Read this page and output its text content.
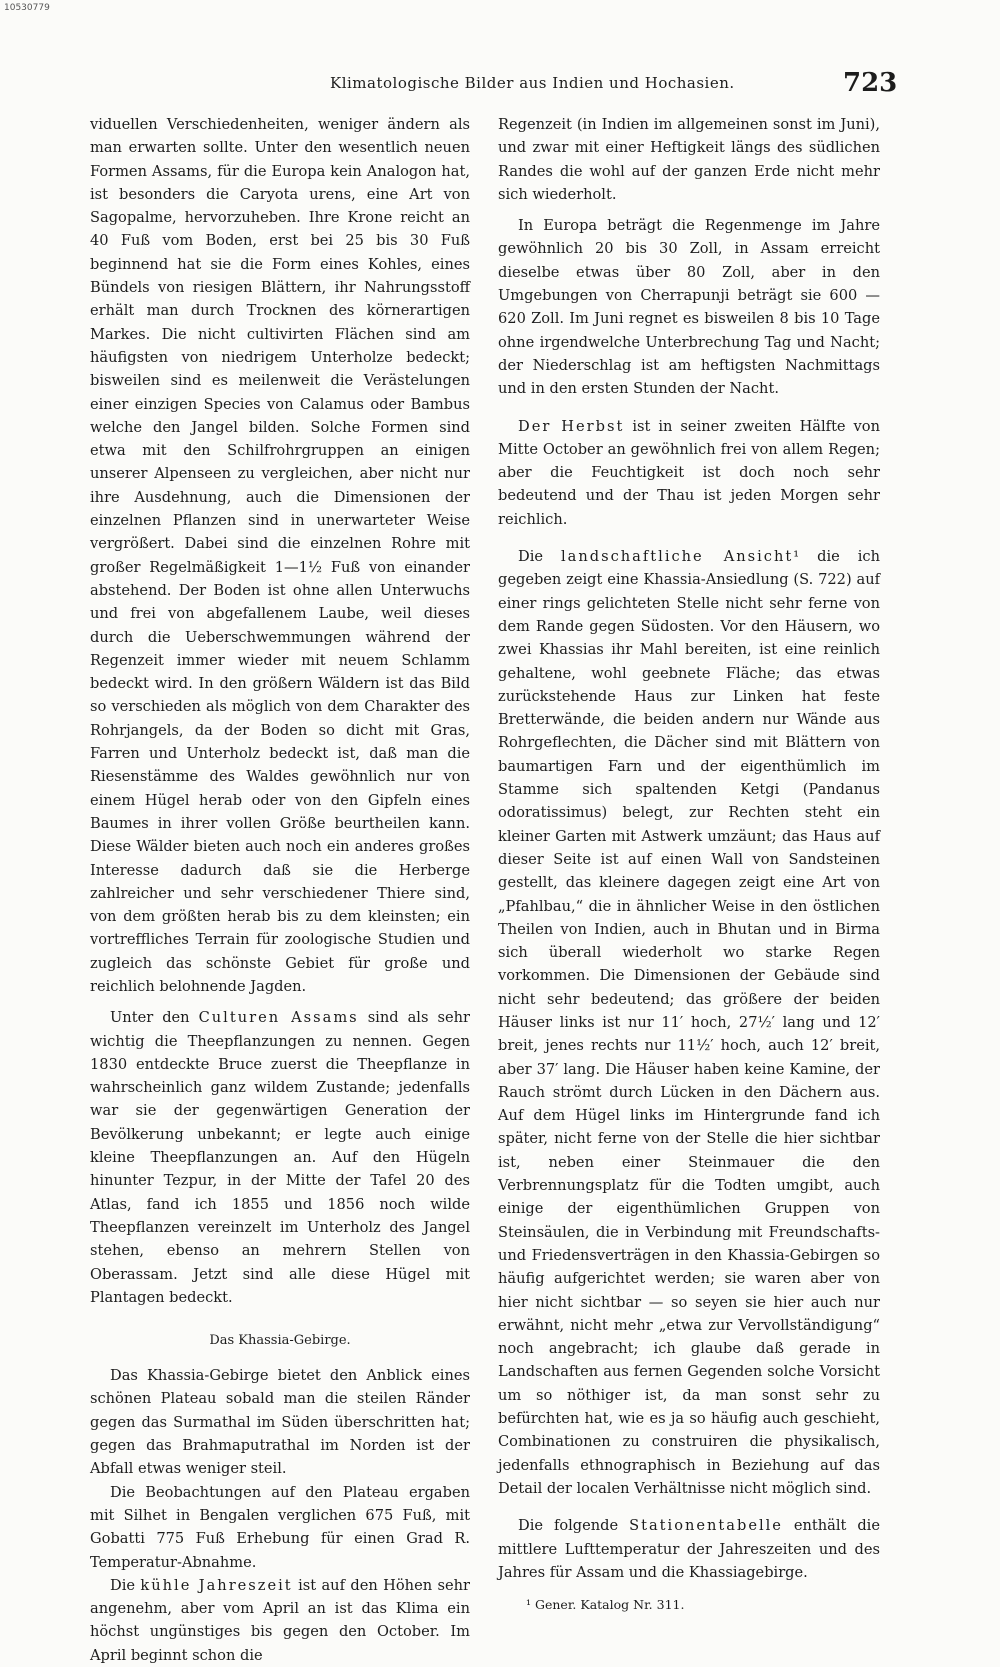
10530779
Klimatologische Bilder aus Indien und Hochasien.	723

viduellen Verschiedenheiten, weniger ändern als man erwarten sollte. Unter den wesentlich neuen Formen Assams, für die Europa kein Analogon hat, ist besonders die Caryota urens, eine Art von Sagopalme, hervorzuheben. Ihre Krone reicht an 40 Fuß vom Boden, erst bei 25 bis 30 Fuß beginnend hat sie die Form eines Kohles, eines Bündels von riesigen Blättern, ihr Nahrungsstoff erhält man durch Trocknen des körnerartigen Markes. Die nicht cultivirten Flächen sind am häufigsten von niedrigem Unterholze bedeckt; bisweilen sind es meilenweit die Verästelungen einer einzigen Species von Calamus oder Bambus welche den Jangel bilden. Solche Formen sind etwa mit den Schilfrohrgruppen an einigen unserer Alpenseen zu vergleichen, aber nicht nur ihre Ausdehnung, auch die Dimensionen der einzelnen Pflanzen sind in unerwarteter Weise vergrößert. Dabei sind die einzelnen Rohre mit großer Regelmäßigkeit 1—1½ Fuß von einander abstehend. Der Boden ist ohne allen Unterwuchs und frei von abgefallenem Laube, weil dieses durch die Ueberschwemmungen während der Regenzeit immer wieder mit neuem Schlamm bedeckt wird. In den größern Wäldern ist das Bild so verschieden als möglich von dem Charakter des Rohrjangels, da der Boden so dicht mit Gras, Farren und Unterholz bedeckt ist, daß man die Riesenstämme des Waldes gewöhnlich nur von einem Hügel herab oder von den Gipfeln eines Baumes in ihrer vollen Größe beurtheilen kann. Diese Wälder bieten auch noch ein anderes großes Interesse dadurch daß sie die Herberge zahlreicher und sehr verschiedener Thiere sind, von dem größten herab bis zu dem kleinsten; ein vortreffliches Terrain für zoologische Studien und zugleich das schönste Gebiet für große und reichlich belohnende Jagden.

Unter den Culturen Assams sind als sehr wichtig die Theepflanzungen zu nennen. Gegen 1830 entdeckte Bruce zuerst die Theepflanze in wahrscheinlich ganz wildem Zustande; jedenfalls war sie der gegenwärtigen Generation der Bevölkerung unbekannt; er legte auch einige kleine Theepflanzungen an. Auf den Hügeln hinunter Tezpur, in der Mitte der Tafel 20 des Atlas, fand ich 1855 und 1856 noch wilde Theepflanzen vereinzelt im Unterholz des Jangel stehen, ebenso an mehrern Stellen von Oberassam. Jetzt sind alle diese Hügel mit Plantagen bedeckt.

Das Khassia-Gebirge.

Das Khassia-Gebirge bietet den Anblick eines schönen Plateau sobald man die steilen Ränder gegen das Surmathal im Süden überschritten hat; gegen das Brahmaputrathal im Norden ist der Abfall etwas weniger steil.

Die Beobachtungen auf den Plateau ergaben mit Silhet in Bengalen verglichen 675 Fuß, mit Gobatti 775 Fuß Erhebung für einen Grad R. Temperatur-Abnahme.

Die kühle Jahreszeit ist auf den Höhen sehr angenehm, aber vom April an ist das Klima ein höchst ungünstiges bis gegen den October. Im April beginnt schon die

Regenzeit (in Indien im allgemeinen sonst im Juni), und zwar mit einer Heftigkeit längs des südlichen Randes die wohl auf der ganzen Erde nicht mehr sich wiederholt.

In Europa beträgt die Regenmenge im Jahre gewöhnlich 20 bis 30 Zoll, in Assam erreicht dieselbe etwas über 80 Zoll, aber in den Umgebungen von Cherrapunji beträgt sie 600 — 620 Zoll. Im Juni regnet es bisweilen 8 bis 10 Tage ohne irgendwelche Unterbrechung Tag und Nacht; der Niederschlag ist am heftigsten Nachmittags und in den ersten Stunden der Nacht.

Der Herbst ist in seiner zweiten Hälfte von Mitte October an gewöhnlich frei von allem Regen; aber die Feuchtigkeit ist doch noch sehr bedeutend und der Thau ist jeden Morgen sehr reichlich.

Die landschaftliche Ansicht¹ die ich gegeben zeigt eine Khassia-Ansiedlung (S. 722) auf einer rings gelichteten Stelle nicht sehr ferne von dem Rande gegen Südosten. Vor den Häusern, wo zwei Khassias ihr Mahl bereiten, ist eine reinlich gehaltene, wohl geebnete Fläche; das etwas zurückstehende Haus zur Linken hat feste Bretterwände, die beiden andern nur Wände aus Rohrgeflechten, die Dächer sind mit Blättern von baumartigen Farn und der eigenthümlich im Stamme sich spaltenden Ketgi (Pandanus odoratissimus) belegt, zur Rechten steht ein kleiner Garten mit Astwerk umzäunt; das Haus auf dieser Seite ist auf einen Wall von Sandsteinen gestellt, das kleinere dagegen zeigt eine Art von „Pfahlbau,“ die in ähnlicher Weise in den östlichen Theilen von Indien, auch in Bhutan und in Birma sich überall wiederholt wo starke Regen vorkommen. Die Dimensionen der Gebäude sind nicht sehr bedeutend; das größere der beiden Häuser links ist nur 11′ hoch, 27½′ lang und 12′ breit, jenes rechts nur 11½′ hoch, auch 12′ breit, aber 37′ lang. Die Häuser haben keine Kamine, der Rauch strömt durch Lücken in den Dächern aus. Auf dem Hügel links im Hintergrunde fand ich später, nicht ferne von der Stelle die hier sichtbar ist, neben einer Steinmauer die den Verbrennungsplatz für die Todten umgibt, auch einige der eigenthümlichen Gruppen von Steinsäulen, die in Verbindung mit Freundschafts- und Friedensverträgen in den Khassia-Gebirgen so häufig aufgerichtet werden; sie waren aber von hier nicht sichtbar — so seyen sie hier auch nur erwähnt, nicht mehr „etwa zur Vervollständigung“ noch angebracht; ich glaube daß gerade in Landschaften aus fernen Gegenden solche Vorsicht um so nöthiger ist, da man sonst sehr zu befürchten hat, wie es ja so häufig auch geschieht, Combinationen zu construiren die physikalisch, jedenfalls ethnographisch in Beziehung auf das Detail der localen Verhältnisse nicht möglich sind.

Die folgende Stationentabelle enthält die mittlere Lufttemperatur der Jahreszeiten und des Jahres für Assam und die Khassiagebirge.

¹ Gener. Katalog Nr. 311.
